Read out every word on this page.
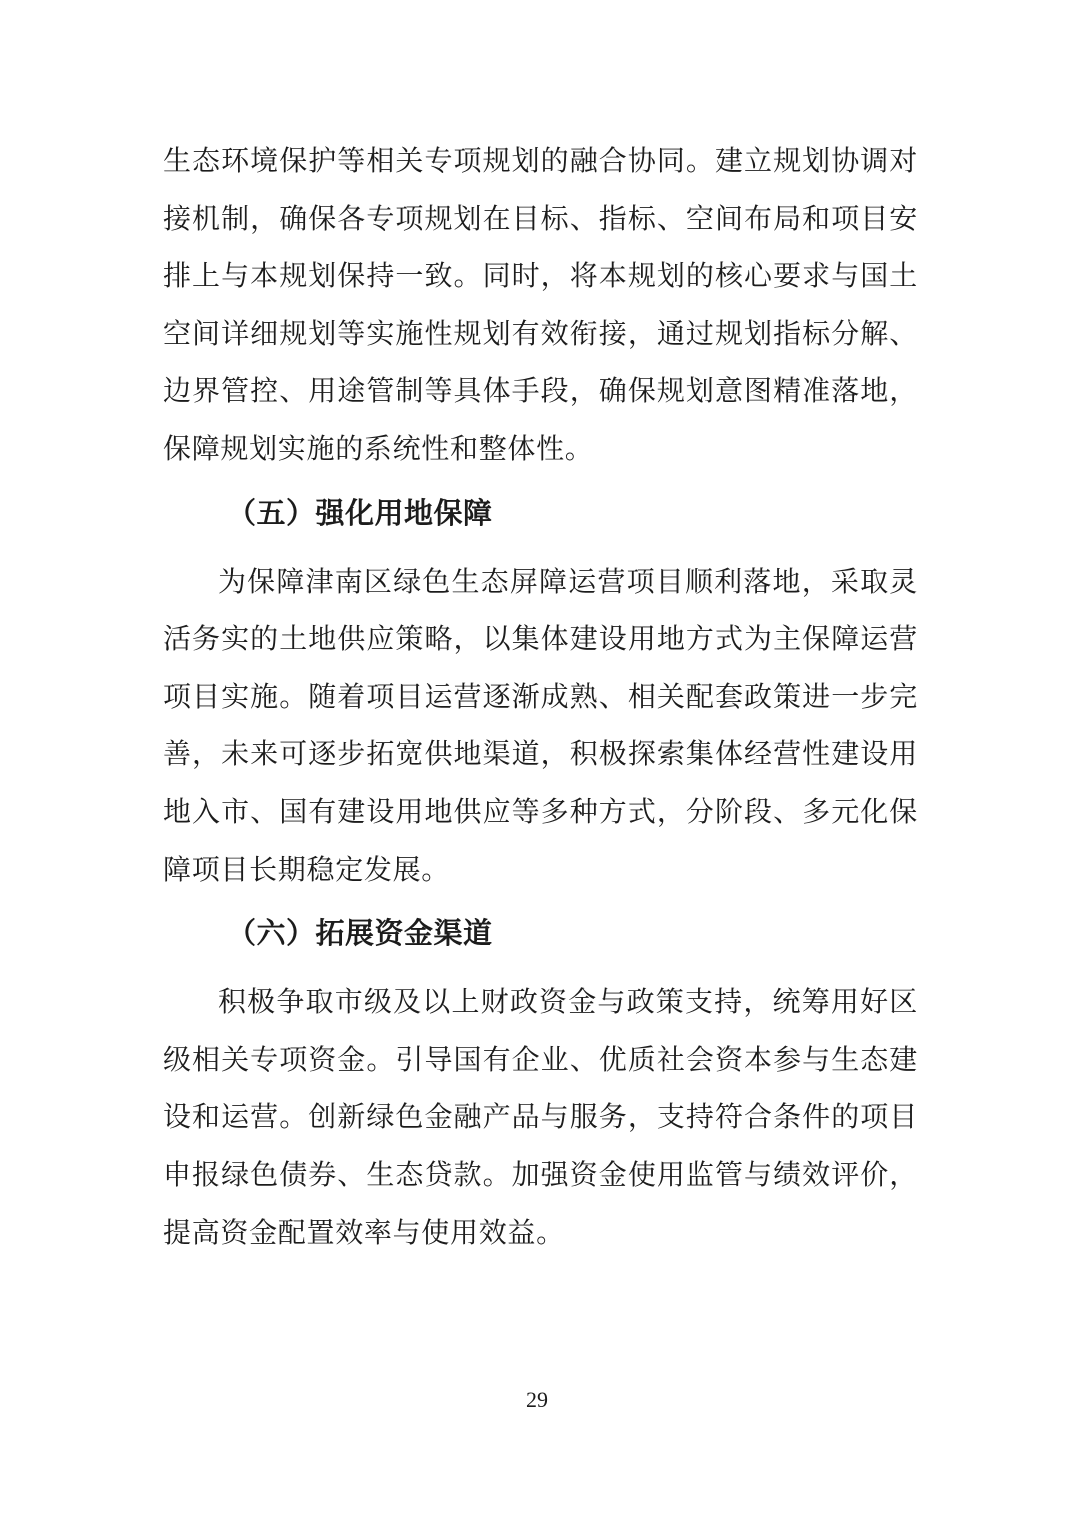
生态环境保护等相关专项规划的融合协同。建立规划协调对
接机制，确保各专项规划在目标、指标、空间布局和项目安
排上与本规划保持一致。同时，将本规划的核心要求与国土
空间详细规划等实施性规划有效衔接，通过规划指标分解、
边界管控、用途管制等具体手段，确保规划意图精准落地，
保障规划实施的系统性和整体性。
（五）强化用地保障
为保障津南区绿色生态屏障运营项目顺利落地，采取灵
活务实的土地供应策略，以集体建设用地方式为主保障运营
项目实施。随着项目运营逐渐成熟、相关配套政策进一步完
善，未来可逐步拓宽供地渠道，积极探索集体经营性建设用
地入市、国有建设用地供应等多种方式，分阶段、多元化保
障项目长期稳定发展。
（六）拓展资金渠道
积极争取市级及以上财政资金与政策支持，统筹用好区
级相关专项资金。引导国有企业、优质社会资本参与生态建
设和运营。创新绿色金融产品与服务，支持符合条件的项目
申报绿色债券、生态贷款。加强资金使用监管与绩效评价，
提高资金配置效率与使用效益。
29
